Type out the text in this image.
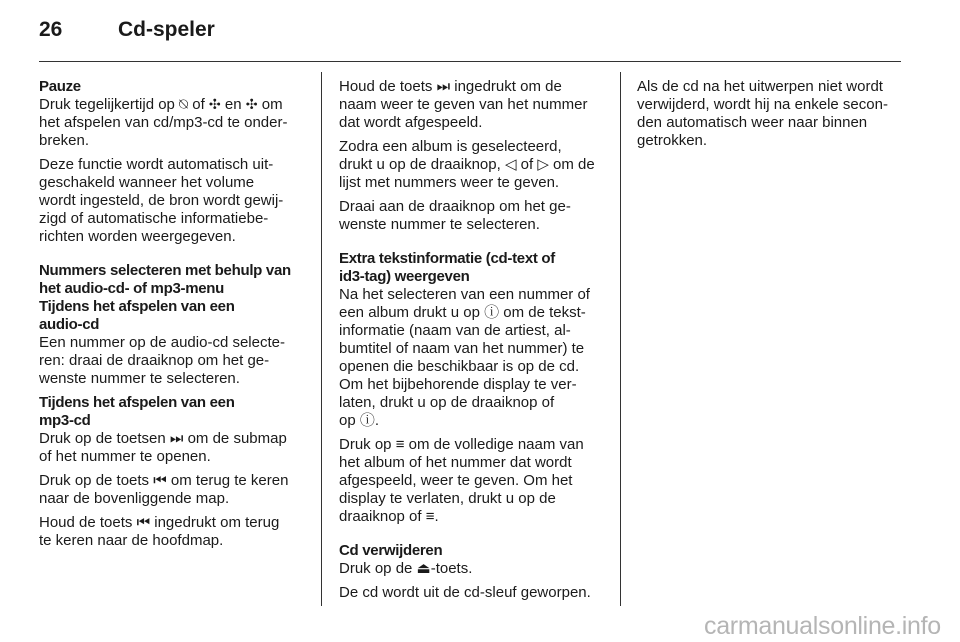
26	Cd-speler
Pauze
Druk tegelijkertijd op ⍉ of ✣ en ✣ om
het afspelen van cd/mp3-cd te onder-
breken.
Deze functie wordt automatisch uit-
geschakeld wanneer het volume
wordt ingesteld, de bron wordt gewij-
zigd of automatische informatiebe-
richten worden weergegeven.
Nummers selecteren met behulp van
het audio-cd- of mp3-menu
Tijdens het afspelen van een
audio-cd
Een nummer op de audio-cd selecte-
ren: draai de draaiknop om het ge-
wenste nummer te selecteren.
Tijdens het afspelen van een
mp3-cd
Druk op de toetsen ⏭ om de submap
of het nummer te openen.
Druk op de toets ⏮ om terug te keren
naar de bovenliggende map.
Houd de toets ⏮ ingedrukt om terug
te keren naar de hoofdmap.
Houd de toets ⏭ ingedrukt om de
naam weer te geven van het nummer
dat wordt afgespeeld.
Zodra een album is geselecteerd,
drukt u op de draaiknop, ◁ of ▷ om de
lijst met nummers weer te geven.
Draai aan de draaiknop om het ge-
wenste nummer te selecteren.
Extra tekstinformatie (cd-text of
id3-tag) weergeven
Na het selecteren van een nummer of
een album drukt u op ⓘ om de tekst-
informatie (naam van de artiest, al-
bumtitel of naam van het nummer) te
openen die beschikbaar is op de cd.
Om het bijbehorende display te ver-
laten, drukt u op de draaiknop of
op ⓘ.
Druk op ≡ om de volledige naam van
het album of het nummer dat wordt
afgespeeld, weer te geven. Om het
display te verlaten, drukt u op de
draaiknop of ≡.
Cd verwijderen
Druk op de ⏏-toets.
De cd wordt uit de cd-sleuf geworpen.
Als de cd na het uitwerpen niet wordt
verwijderd, wordt hij na enkele secon-
den automatisch weer naar binnen
getrokken.
carmanualsonline.info
